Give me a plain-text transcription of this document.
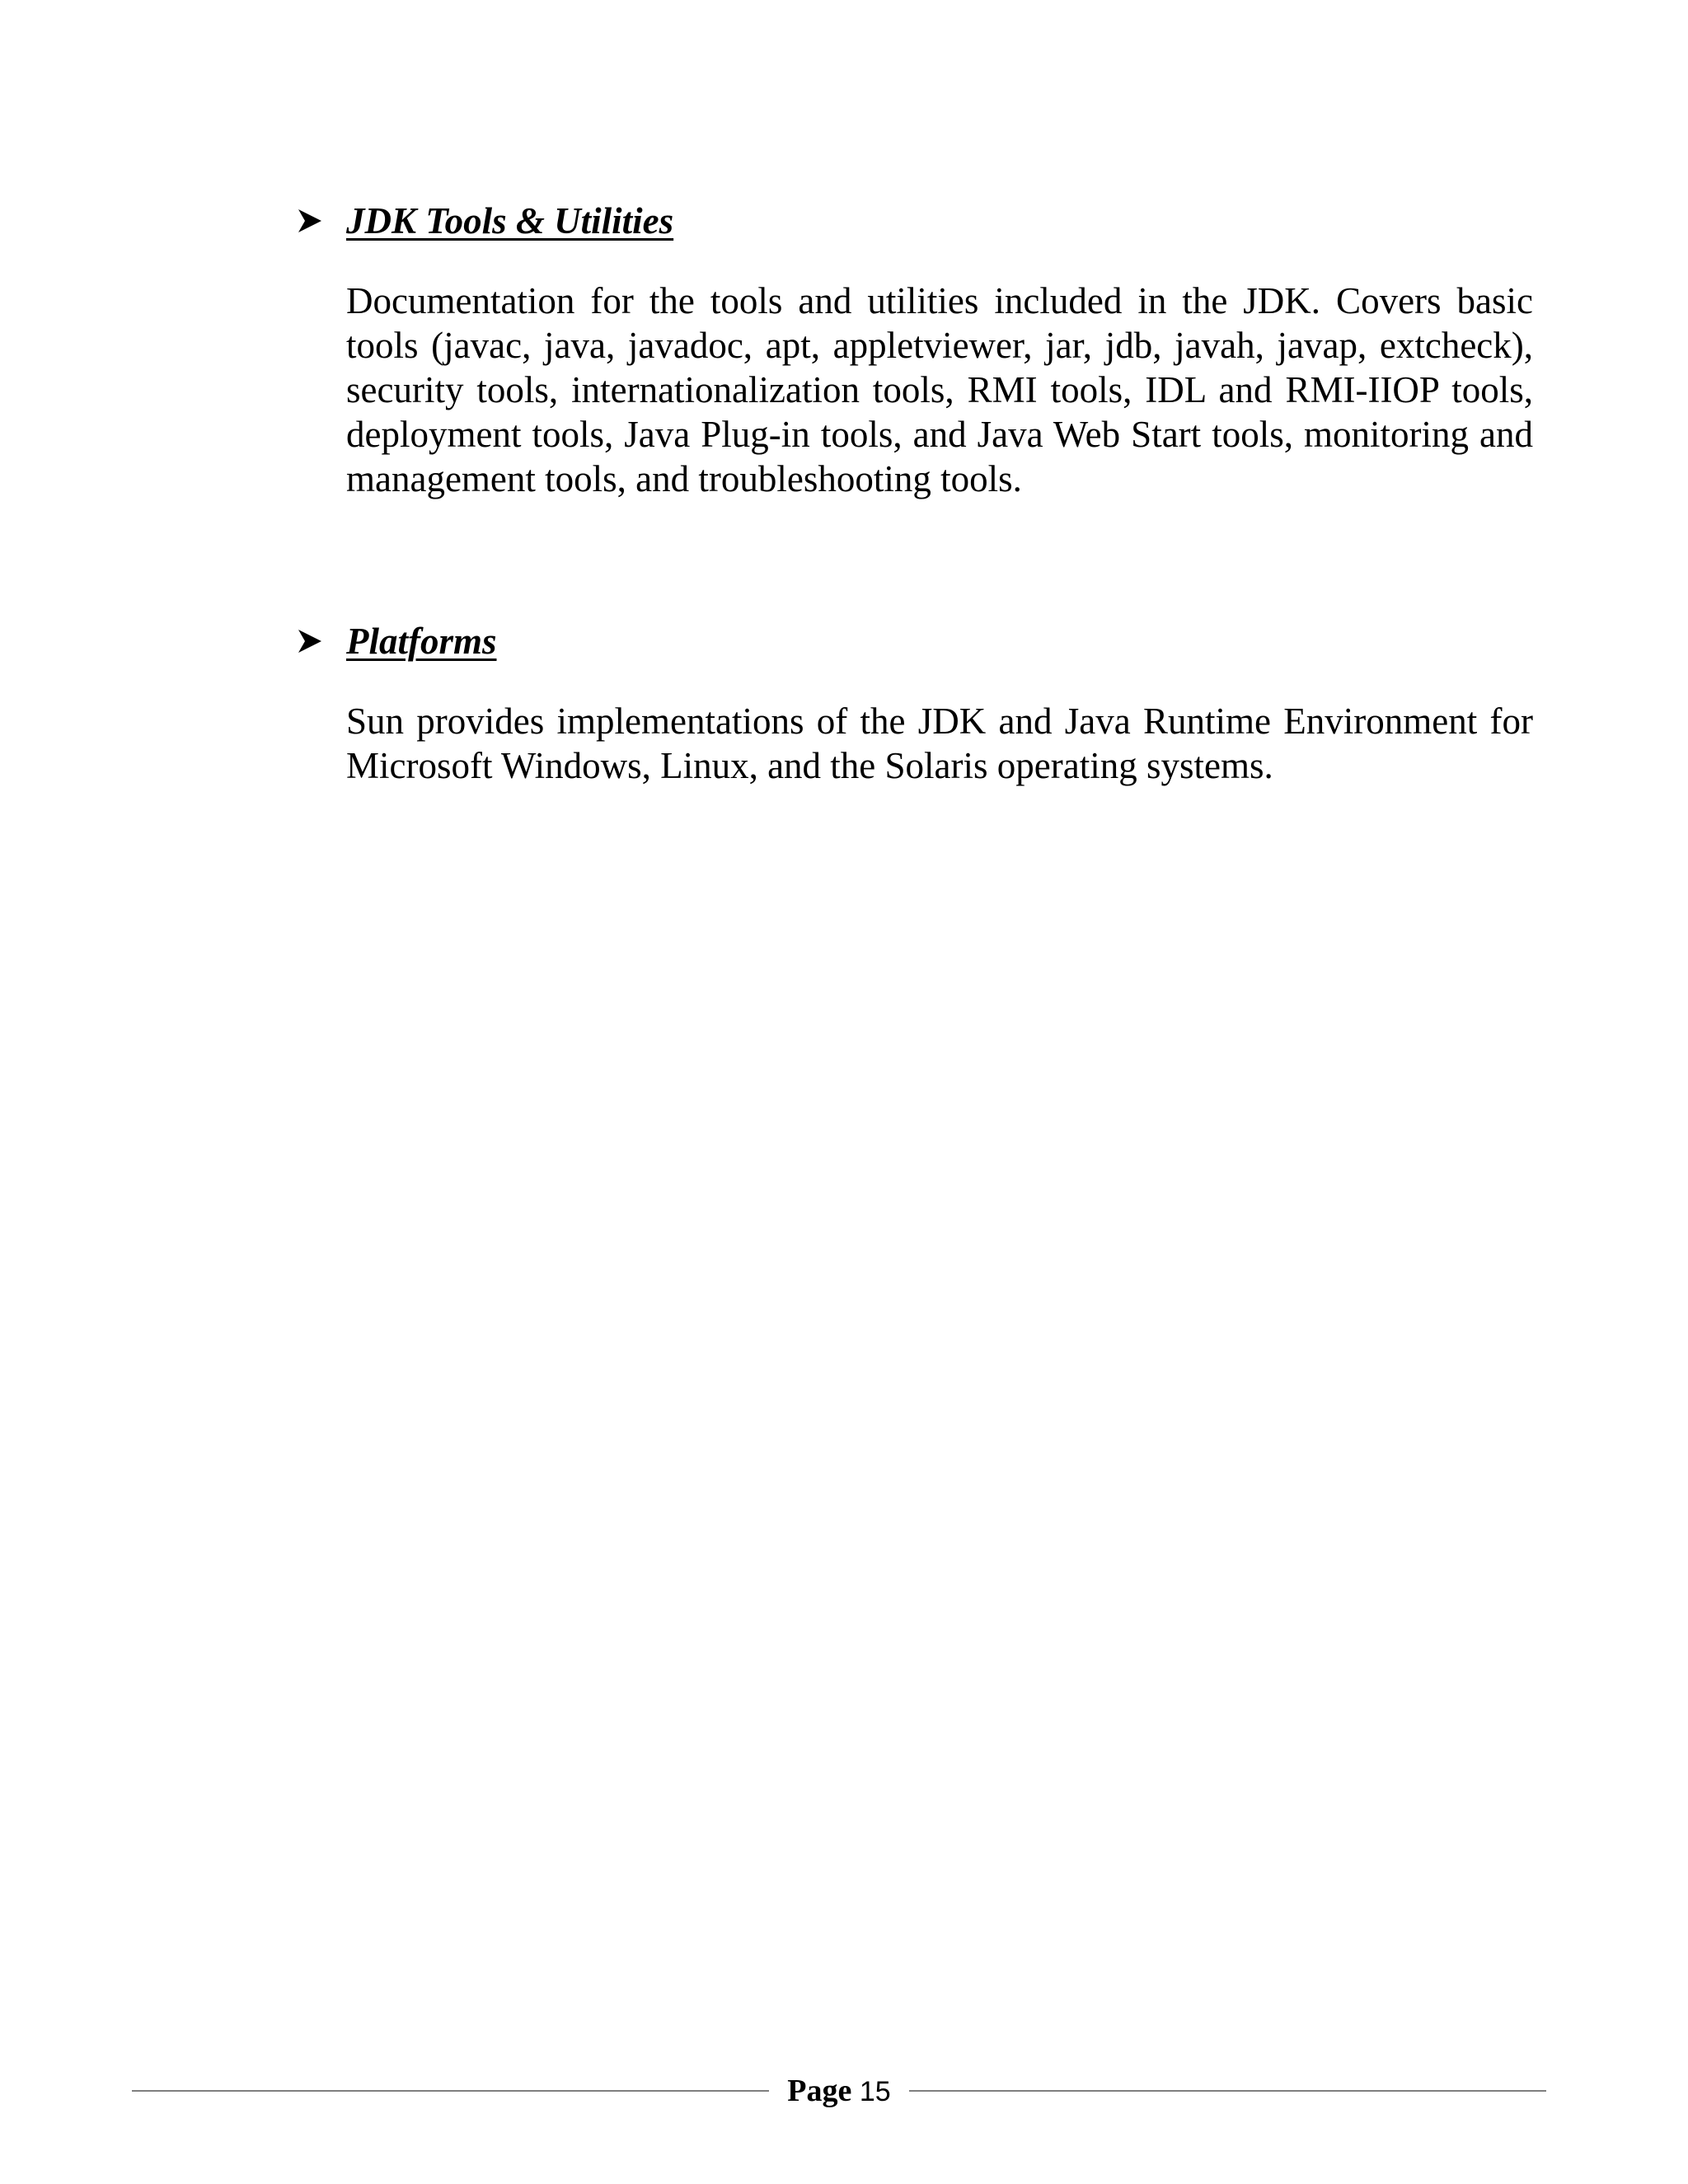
JDK Tools & Utilities

Documentation for the tools and utilities included in the JDK. Covers basic tools (javac, java, javadoc, apt, appletviewer, jar, jdb, javah, javap, extcheck), security tools, internationalization tools, RMI tools, IDL and RMI-IIOP tools, deployment tools, Java Plug-in tools, and Java Web Start tools, monitoring and management tools, and troubleshooting tools.

Platforms

Sun provides implementations of the JDK and Java Runtime Environment for Microsoft Windows, Linux, and the Solaris operating systems.

Page 15
